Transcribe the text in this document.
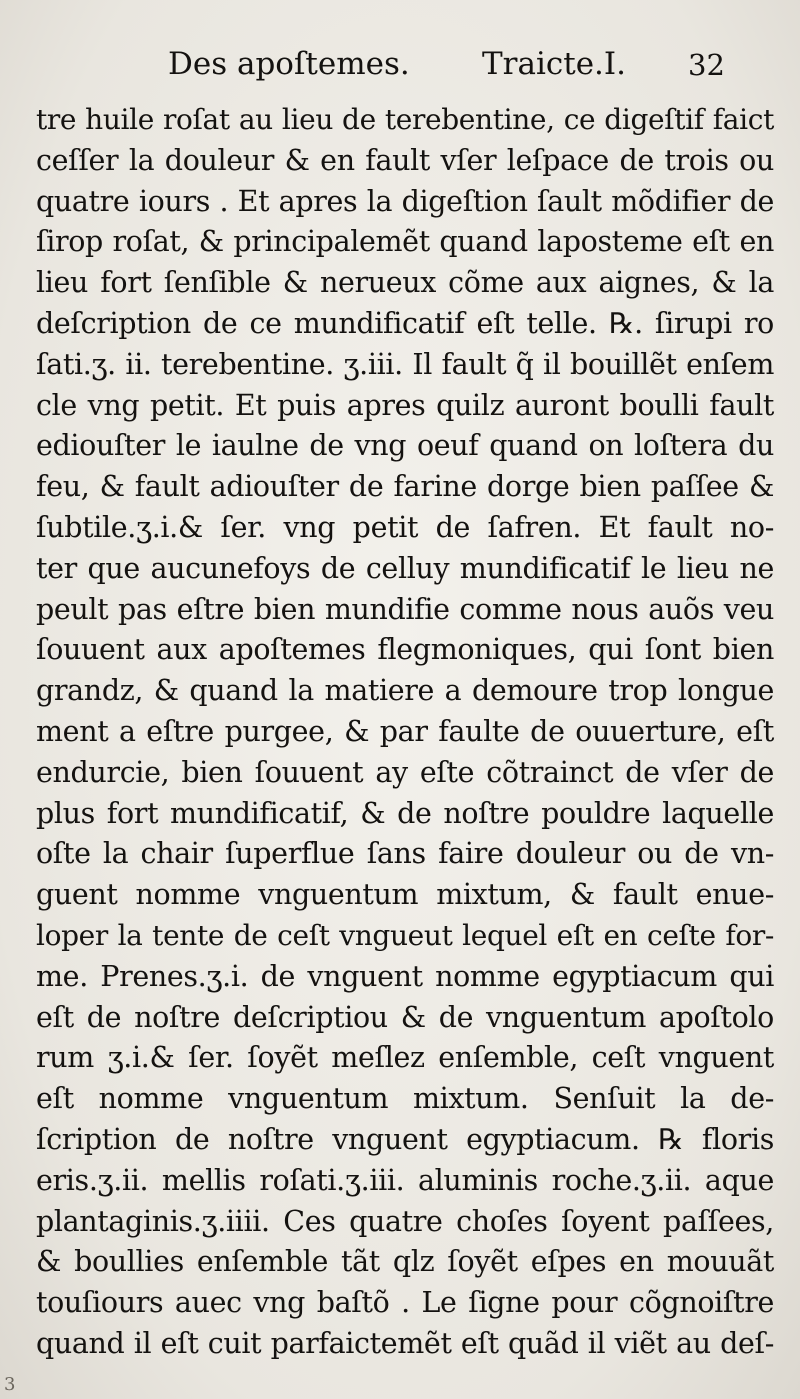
Des apoſtemes. Traicte.I. 32
tre huile roſat au lieu de terebentine, ce digeſtif faict
ceſſer la douleur & en fault vſer leſpace de trois ou
quatre iours . Et apres la digeſtion ſault mõdifier de
ſirop roſat, & principalemẽt quand laposteme eſt en
lieu fort ſenſible & nerueux cõme aux aignes, & la
deſcription de ce mundificatif eſt telle. ℞. ſirupi ro
ſati.ʒ. ii. terebentine. ʒ.iii. Il fault q̃ il bouillẽt enſem
cle vng petit. Et puis apres quilz auront boulli fault
ediouſter le iaulne de vng oeuf quand on loſtera du
feu, & fault adiouſter de farine dorge bien paſſee &
ſubtile.ʒ.i.& ſer. vng petit de ſafren. Et fault no-
ter que aucunefoys de celluy mundificatif le lieu ne
peult pas eſtre bien mundifie comme nous auõs veu
ſouuent aux apoſtemes flegmoniques, qui ſont bien
grandz, & quand la matiere a demoure trop longue
ment a eſtre purgee, & par faulte de ouuerture, eſt
endurcie, bien ſouuent ay eſte cõtrainct de vſer de
plus fort mundificatif, & de noſtre pouldre laquelle
oſte la chair ſuperflue ſans faire douleur ou de vn-
guent nomme vnguentum mixtum, & fault enue-
loper la tente de ceſt vngueut lequel eſt en ceſte for-
me. Prenes.ʒ.i. de vnguent nomme egyptiacum qui
eſt de noſtre deſcriptiou & de vnguentum apoſtolo
rum ʒ.i.& ſer. ſoyẽt meſlez enſemble, ceſt vnguent
eſt nomme vnguentum mixtum. Senſuit la de-
ſcription de noſtre vnguent egyptiacum. ℞ floris
eris.ʒ.ii. mellis roſati.ʒ.iii. aluminis roche.ʒ.ii. aque
plantaginis.ʒ.iiii. Ces quatre choſes ſoyent paſſees,
& boullies enſemble tãt qlz ſoyẽt eſpes en mouuãt
touſiours auec vng baſtõ . Le ſigne pour cõgnoiſtre
quand il eſt cuit parfaictemẽt eſt quãd il viẽt au deſ-
3
